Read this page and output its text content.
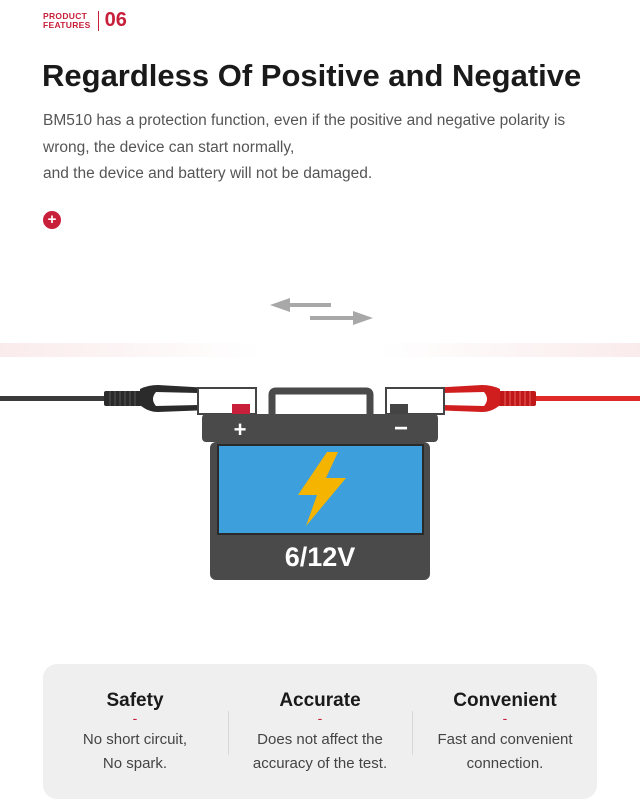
PRODUCT
FEATURES 06
Regardless Of Positive and Negative
BM510 has a protection function, even if the positive and negative polarity is
wrong, the device can start normally,
and the device and battery will not be damaged.
+
+	−
6/12V
Safety
-
No short circuit,
No spark.
Accurate
-
Does not affect the
accuracy of the test.
Convenient
-
Fast and convenient
connection.
